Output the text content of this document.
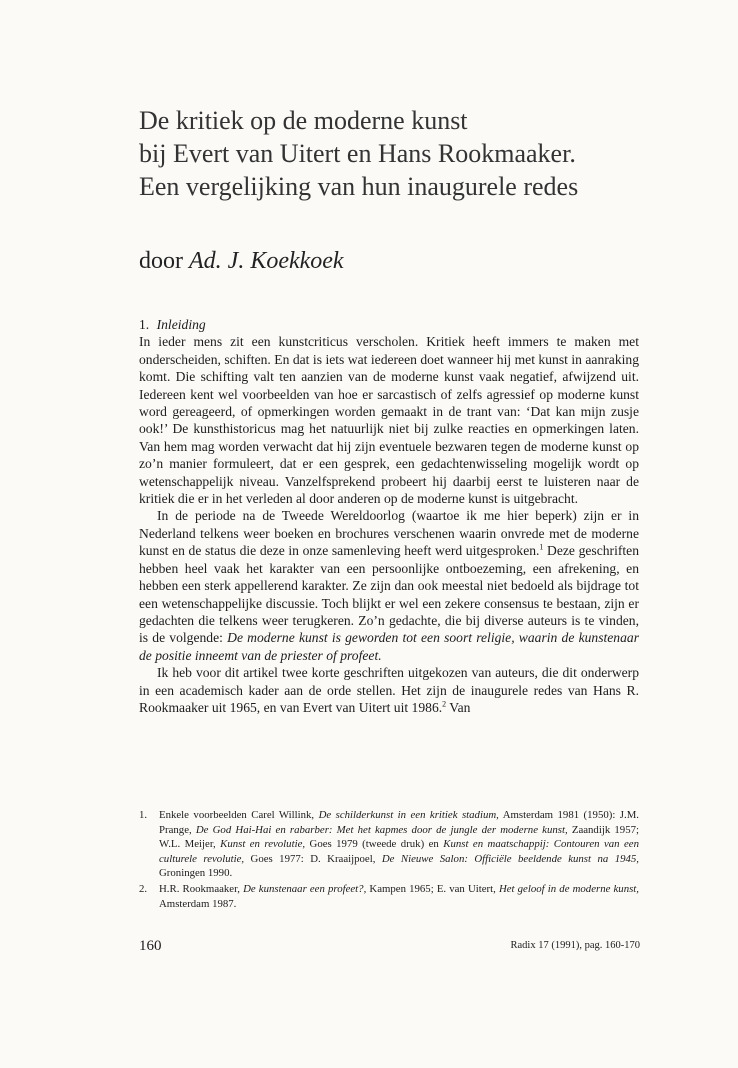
De kritiek op de moderne kunst
bij Evert van Uitert en Hans Rookmaaker.
Een vergelijking van hun inaugurele redes
door Ad. J. Koekkoek
1. Inleiding

In ieder mens zit een kunstcriticus verscholen. Kritiek heeft immers te maken met onderscheiden, schiften. En dat is iets wat iedereen doet wanneer hij met kunst in aanraking komt. Die schifting valt ten aanzien van de moderne kunst vaak negatief, afwijzend uit. Iedereen kent wel voorbeelden van hoe er sarcastisch of zelfs agressief op moderne kunst word gereageerd, of opmerkingen worden gemaakt in de trant van: ‘Dat kan mijn zusje ook!’ De kunsthistoricus mag het natuurlijk niet bij zulke reacties en opmerkingen laten. Van hem mag worden verwacht dat hij zijn eventuele bezwaren tegen de moderne kunst op zo’n manier formuleert, dat er een gesprek, een gedachtenwisseling mogelijk wordt op wetenschappelijk niveau. Vanzelfsprekend probeert hij daarbij eerst te luisteren naar de kritiek die er in het verleden al door anderen op de moderne kunst is uitgebracht.

In de periode na de Tweede Wereldoorlog (waartoe ik me hier beperk) zijn er in Nederland telkens weer boeken en brochures verschenen waarin onvrede met de moderne kunst en de status die deze in onze samenleving heeft werd uitgesproken.$^1$ Deze geschriften hebben heel vaak het karakter van een persoonlijke ontboezeming, een afrekening, en hebben een sterk appellerend karakter. Ze zijn dan ook meestal niet bedoeld als bijdrage tot een wetenschappelijke discussie. Toch blijkt er wel een zekere consensus te bestaan, zijn er gedachten die telkens weer terugkeren. Zo’n gedachte, die bij diverse auteurs is te vinden, is de volgende: De moderne kunst is geworden tot een soort religie, waarin de kunstenaar de positie inneemt van de priester of profeet.

Ik heb voor dit artikel twee korte geschriften uitgekozen van auteurs, die dit onderwerp in een academisch kader aan de orde stellen. Het zijn de inaugurele redes van Hans R. Rookmaaker uit 1965, en van Evert van Uitert uit 1986.$^2$ Van

1.	Enkele voorbeelden Carel Willink, De schilderkunst in een kritiek stadium, Amsterdam 1981 (1950): J.M. Prange, De God Hai-Hai en rabarber: Met het kapmes door de jungle der moderne kunst, Zaandijk 1957; W.L. Meijer, Kunst en revolutie, Goes 1979 (tweede druk) en Kunst en maatschappij: Contouren van een culturele revolutie, Goes 1977: D. Kraaijpoel, De Nieuwe Salon: Officiële beeldende kunst na 1945, Groningen 1990.
2.	H.R. Rookmaaker, De kunstenaar een profeet?, Kampen 1965; E. van Uitert, Het geloof in de moderne kunst, Amsterdam 1987.
160	Radix 17 (1991), pag. 160-170
